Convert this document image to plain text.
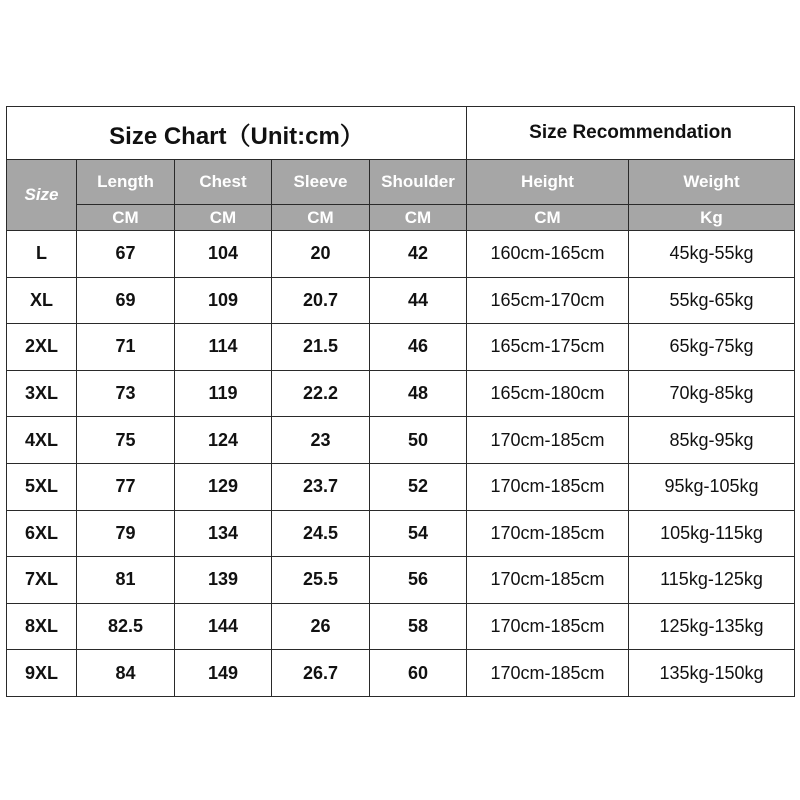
Size Chart（Unit:cm）					Size Recommendation	
Size	Length	Chest	Sleeve	Shoulder	Height	Weight
	CM	CM	CM	CM	CM	Kg
L	67	104	20	42	160cm-165cm	45kg-55kg
XL	69	109	20.7	44	165cm-170cm	55kg-65kg
2XL	71	114	21.5	46	165cm-175cm	65kg-75kg
3XL	73	119	22.2	48	165cm-180cm	70kg-85kg
4XL	75	124	23	50	170cm-185cm	85kg-95kg
5XL	77	129	23.7	52	170cm-185cm	95kg-105kg
6XL	79	134	24.5	54	170cm-185cm	105kg-115kg
7XL	81	139	25.5	56	170cm-185cm	115kg-125kg
8XL	82.5	144	26	58	170cm-185cm	125kg-135kg
9XL	84	149	26.7	60	170cm-185cm	135kg-150kg
